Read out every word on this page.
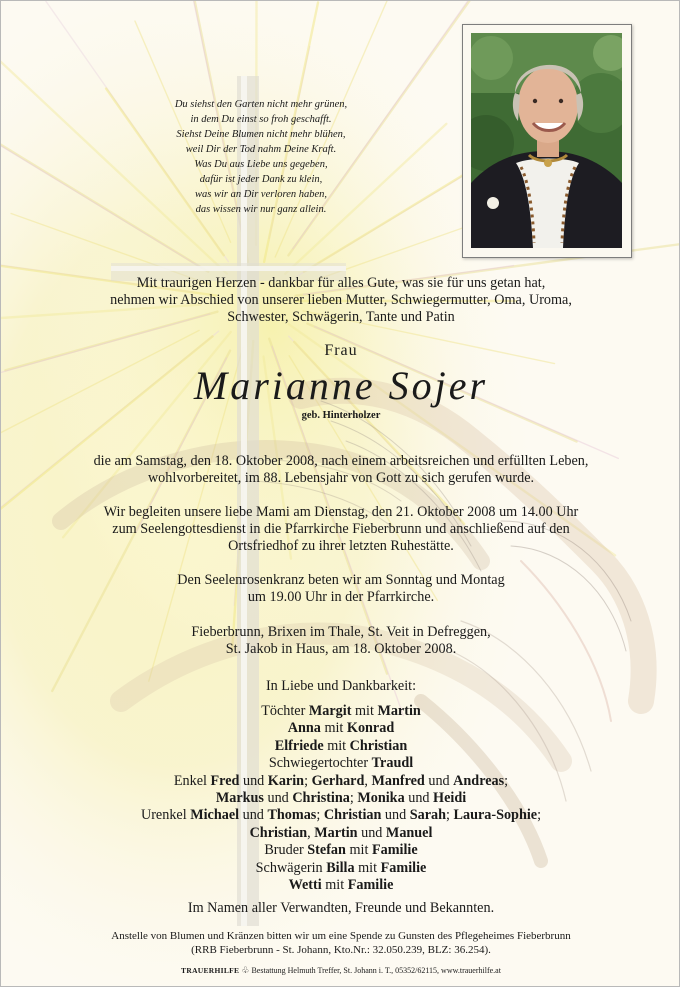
Du siehst den Garten nicht mehr grünen,
in dem Du einst so froh geschafft.
Siehst Deine Blumen nicht mehr blühen,
weil Dir der Tod nahm Deine Kraft.
Was Du aus Liebe uns gegeben,
dafür ist jeder Dank zu klein,
was wir an Dir verloren haben,
das wissen wir nur ganz allein.
Mit traurigen Herzen - dankbar für alles Gute, was sie für uns getan hat,
nehmen wir Abschied von unserer lieben Mutter, Schwiegermutter, Oma, Uroma,
Schwester, Schwägerin, Tante und Patin
Frau
Marianne Sojer
geb. Hinterholzer
die am Samstag, den 18. Oktober 2008, nach einem arbeitsreichen und erfüllten Leben,
wohlvorbereitet, im 88. Lebensjahr von Gott zu sich gerufen wurde.
Wir begleiten unsere liebe Mami am Dienstag, den 21. Oktober 2008 um 14.00 Uhr
zum Seelengottesdienst in die Pfarrkirche Fieberbrunn und anschließend auf den
Ortsfriedhof zu ihrer letzten Ruhestätte.
Den Seelenrosenkranz beten wir am Sonntag und Montag
um 19.00 Uhr in der Pfarrkirche.
Fieberbrunn, Brixen im Thale, St. Veit in Defreggen,
St. Jakob in Haus, am 18. Oktober 2008.
In Liebe und Dankbarkeit:
Töchter Margit mit Martin
Anna mit Konrad
Elfriede mit Christian
Schwiegertochter Traudl
Enkel Fred und Karin; Gerhard, Manfred und Andreas;
Markus und Christina; Monika und Heidi
Urenkel Michael und Thomas; Christian und Sarah; Laura-Sophie;
Christian, Martin und Manuel
Bruder Stefan mit Familie
Schwägerin Billa mit Familie
Wetti mit Familie
Im Namen aller Verwandten, Freunde und Bekannten.
Anstelle von Blumen und Kränzen bitten wir um eine Spende zu Gunsten des Pflegeheimes Fieberbrunn
(RRB Fieberbrunn - St. Johann, Kto.Nr.: 32.050.239, BLZ: 36.254).
TRAUERHILFE ♧ Bestattung Helmuth Treffer, St. Johann i. T., 05352/62115, www.trauerhilfe.at
